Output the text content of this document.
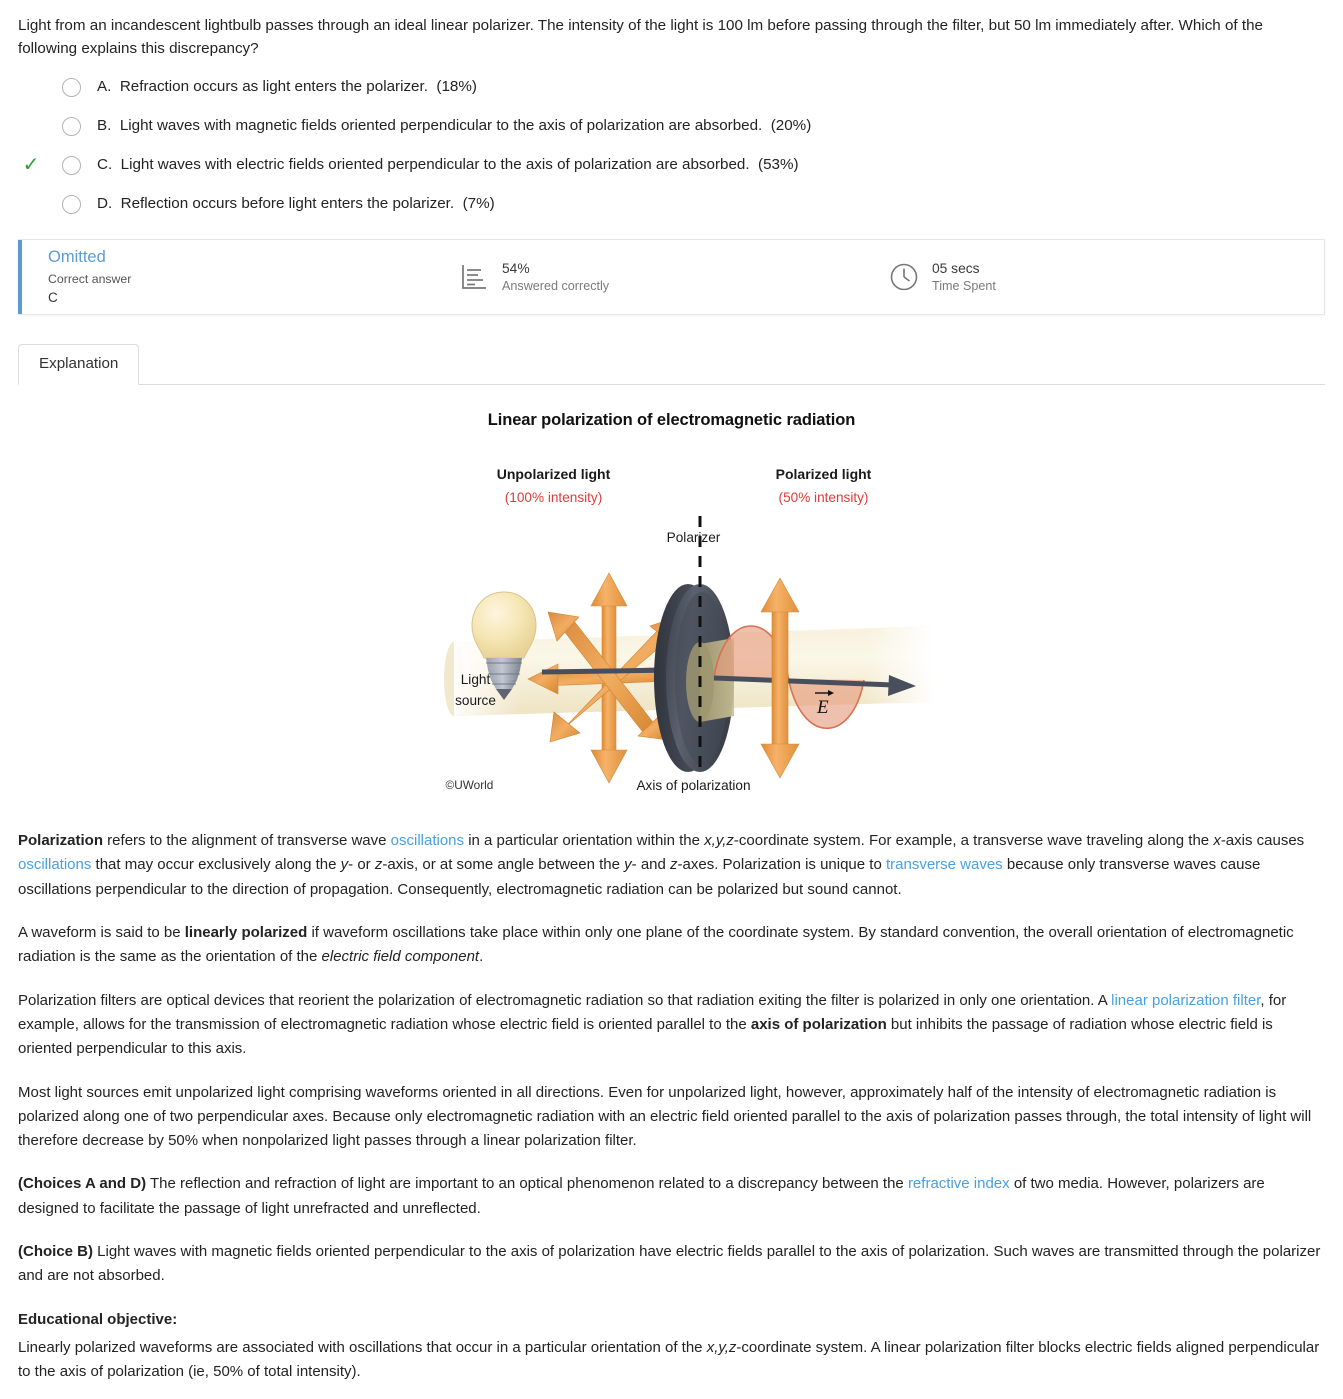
Light from an incandescent lightbulb passes through an ideal linear polarizer. The intensity of the light is 100 lm before passing through the filter, but 50 lm immediately after. Which of the following explains this discrepancy?

A. Refraction occurs as light enters the polarizer. (18%)
B. Light waves with magnetic fields oriented perpendicular to the axis of polarization are absorbed. (20%)
✓	C. Light waves with electric fields oriented perpendicular to the axis of polarization are absorbed. (53%)
D. Reflection occurs before light enters the polarizer. (7%)
Omitted
Correct answer
C
54%
Answered correctly
05 secs
Time Spent
Explanation
Linear polarization of electromagnetic radiation
Unpolarized light
(100% intensity)
Polarized light
(50% intensity)
Polarizer
Axis of polarization
Light
source	E
©UWorld

Polarization refers to the alignment of transverse wave oscillations in a particular orientation within the x,y,z-coordinate system. For example, a transverse wave traveling along the x-axis causes oscillations that may occur exclusively along the y- or z-axis, or at some angle between the y- and z-axes. Polarization is unique to transverse waves because only transverse waves cause oscillations perpendicular to the direction of propagation. Consequently, electromagnetic radiation can be polarized but sound cannot.

A waveform is said to be linearly polarized if waveform oscillations take place within only one plane of the coordinate system. By standard convention, the overall orientation of electromagnetic radiation is the same as the orientation of the electric field component.

Polarization filters are optical devices that reorient the polarization of electromagnetic radiation so that radiation exiting the filter is polarized in only one orientation. A linear polarization filter, for example, allows for the transmission of electromagnetic radiation whose electric field is oriented parallel to the axis of polarization but inhibits the passage of radiation whose electric field is oriented perpendicular to this axis.

Most light sources emit unpolarized light comprising waveforms oriented in all directions. Even for unpolarized light, however, approximately half of the intensity of electromagnetic radiation is polarized along one of two perpendicular axes. Because only electromagnetic radiation with an electric field oriented parallel to the axis of polarization passes through, the total intensity of light will therefore decrease by 50% when nonpolarized light passes through a linear polarization filter.

(Choices A and D) The reflection and refraction of light are important to an optical phenomenon related to a discrepancy between the refractive index of two media. However, polarizers are designed to facilitate the passage of light unrefracted and unreflected.

(Choice B) Light waves with magnetic fields oriented perpendicular to the axis of polarization have electric fields parallel to the axis of polarization. Such waves are transmitted through the polarizer and are not absorbed.

Educational objective:

Linearly polarized waveforms are associated with oscillations that occur in a particular orientation of the x,y,z-coordinate system. A linear polarization filter blocks electric fields aligned perpendicular to the axis of polarization (ie, 50% of total intensity).
